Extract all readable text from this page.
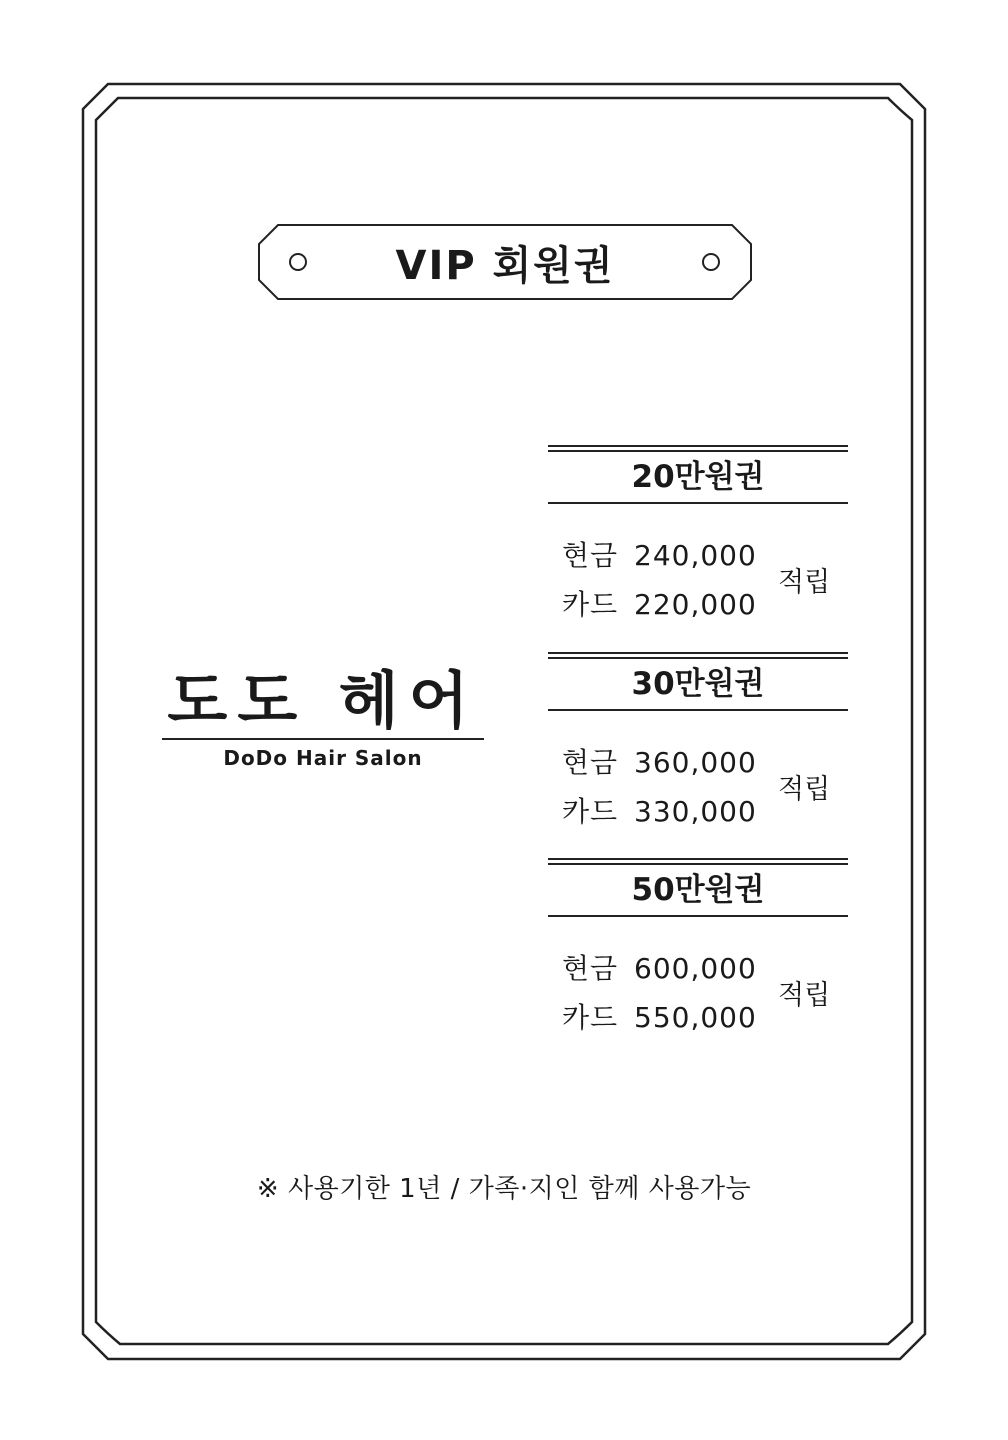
VIP 회원권
도도 헤어
DoDo Hair Salon
20만원권
현금 240,000
카드 220,000
적립
30만원권
현금 360,000
카드 330,000
적립
50만원권
현금 600,000
카드 550,000
적립
※ 사용기한 1년 / 가족·지인 함께 사용가능
